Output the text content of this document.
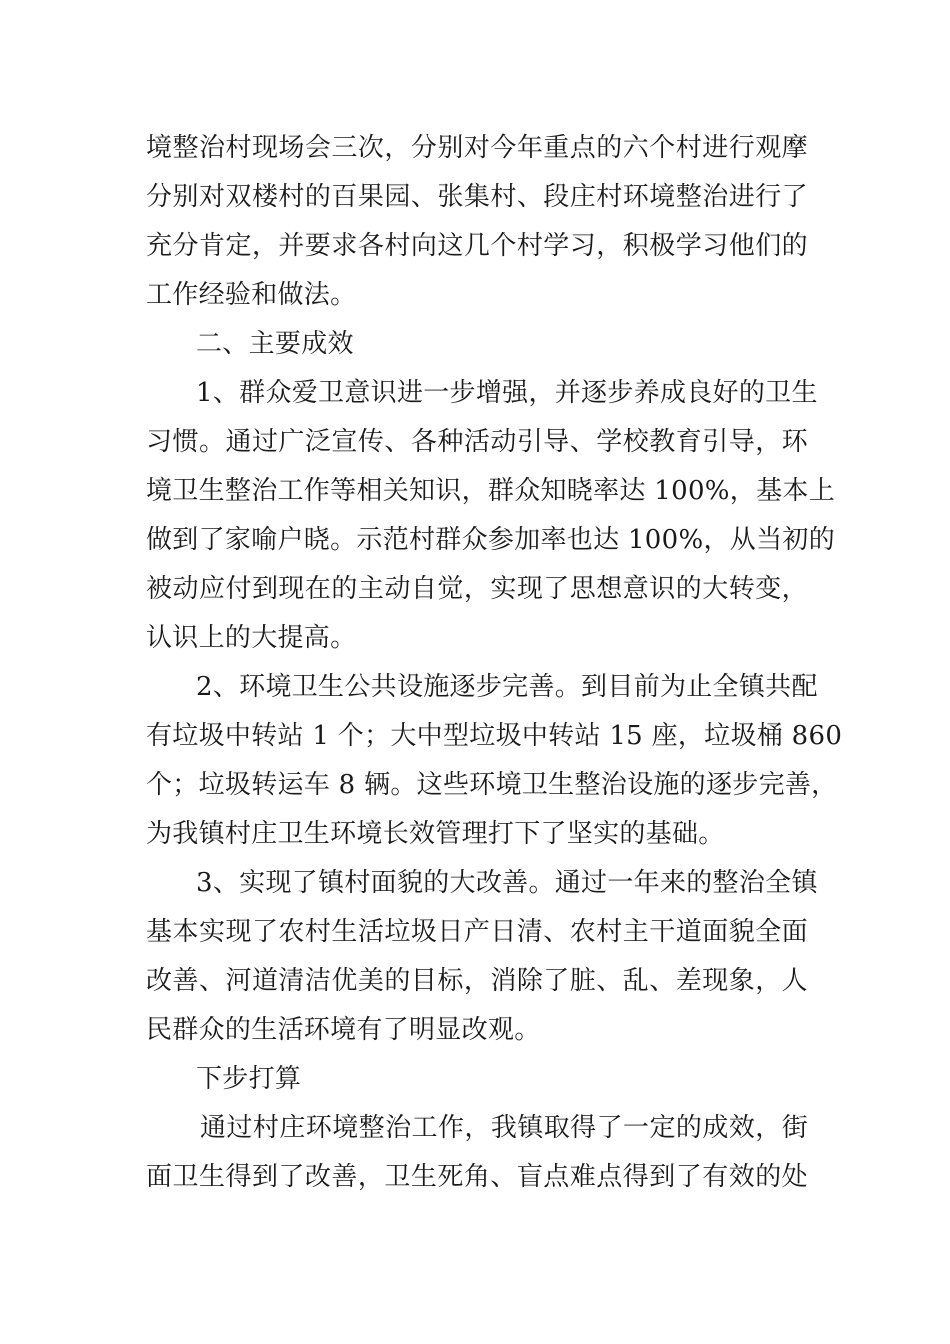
境整治村现场会三次，分别对今年重点的六个村进行观摩
分别对双楼村的百果园、张集村、段庄村环境整治进行了
充分肯定，并要求各村向这几个村学习，积极学习他们的
工作经验和做法。
二、主要成效
1、群众爱卫意识进一步增强，并逐步养成良好的卫生
习惯。通过广泛宣传、各种活动引导、学校教育引导，环
境卫生整治工作等相关知识，群众知晓率达 100%，基本上
做到了家喻户晓。示范村群众参加率也达 100%，从当初的
被动应付到现在的主动自觉，实现了思想意识的大转变，
认识上的大提高。
2、环境卫生公共设施逐步完善。到目前为止全镇共配
有垃圾中转站 1 个；大中型垃圾中转站 15 座，垃圾桶 860
个；垃圾转运车 8 辆。这些环境卫生整治设施的逐步完善，
为我镇村庄卫生环境长效管理打下了坚实的基础。
3、实现了镇村面貌的大改善。通过一年来的整治全镇
基本实现了农村生活垃圾日产日清、农村主干道面貌全面
改善、河道清洁优美的目标，消除了脏、乱、差现象，人
民群众的生活环境有了明显改观。
下步打算
通过村庄环境整治工作，我镇取得了一定的成效，街
面卫生得到了改善，卫生死角、盲点难点得到了有效的处
